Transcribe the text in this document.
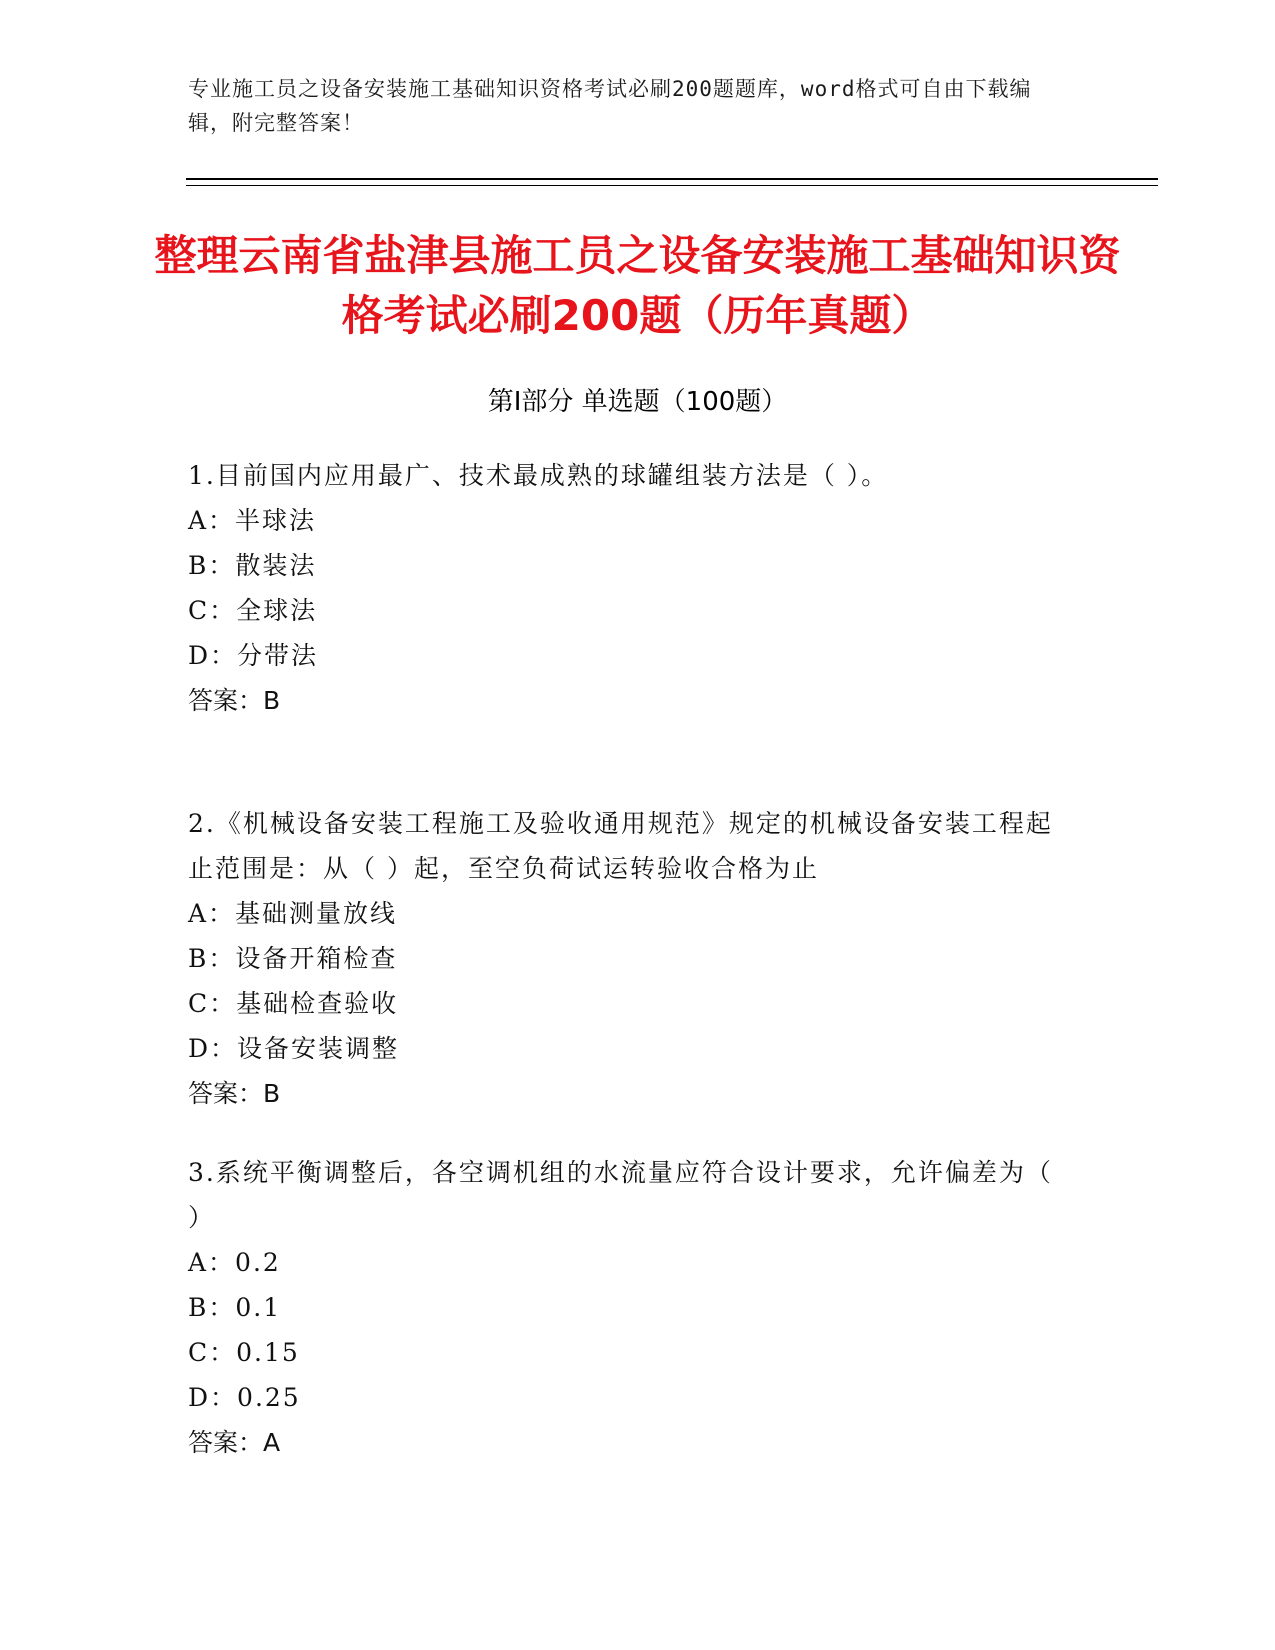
专业施工员之设备安装施工基础知识资格考试必刷200题题库，word格式可自由下载编辑，附完整答案！
整理云南省盐津县施工员之设备安装施工基础知识资格考试必刷200题（历年真题）
第Ⅰ部分 单选题（100题）
1.目前国内应用最广、技术最成熟的球罐组装方法是（ ）。
A：半球法
B：散装法
C：全球法
D：分带法
答案：B
2.《机械设备安装工程施工及验收通用规范》规定的机械设备安装工程起止范围是：从（ ）起，至空负荷试运转验收合格为止
A：基础测量放线
B：设备开箱检查
C：基础检查验收
D：设备安装调整
答案：B
3.系统平衡调整后，各空调机组的水流量应符合设计要求，允许偏差为（ ）
A：0.2
B：0.1
C：0.15
D：0.25
答案：A
